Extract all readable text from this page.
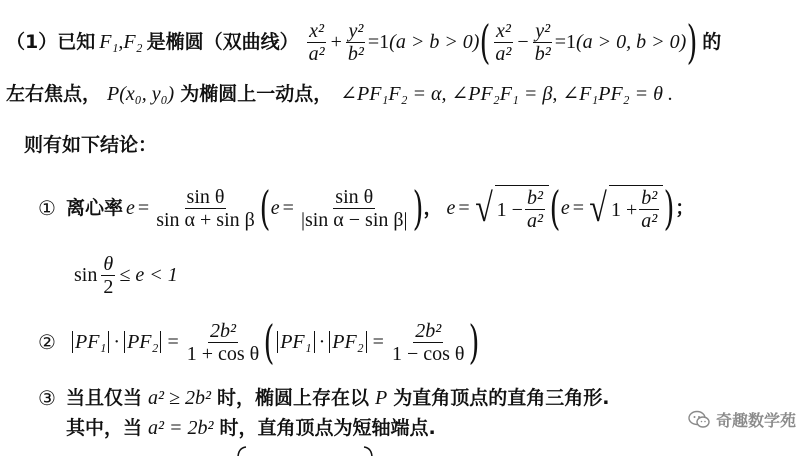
（1）已知 F₁,F₂ 是椭圆（双曲线） $\frac{\text{x²}}{\text{a²}} + \frac{\text{y²}}{\text{b²}} =1$ (a > b > 0) ( $\frac{\text{x²}}{\text{a²}} - \frac{\text{y²}}{\text{b²}} =1$ (a > 0, b > 0) ) 的
左右焦点， P(x₀, y₀) 为椭圆上一动点， ∠PF₁F₂ = α, ∠PF₂F₁ = β, ∠F₁PF₂ = θ .
则有如下结论：
① 离心率 $e = \frac{\text{sin θ}}{\text{sin α + sin β}}$ ( $e = \frac{\text{sin θ}}{\text{|sin α − sin β|}}$ ) ， e = √ $1 - \frac{\text{b²}}{\text{a²}}$ ( e = √ $1 + \frac{\text{b²}}{\text{a²}}$ ) ；
$\sin \frac{\theta}{2} \le e < 1$
② $PF_1 \cdot PF_2 = \frac{\text{2b²}}{\text{1 + cos θ}}$ ( $PF_1 \cdot PF_2 = \frac{\text{2b²}}{\text{1 − cos θ}}$ )
③ 当且仅当 a² ≥ 2b² 时，椭圆上存在以 P 为直角顶点的直角三角形.
其中，当 a² = 2b² 时，直角顶点为短轴端点.	奇趣数学苑
